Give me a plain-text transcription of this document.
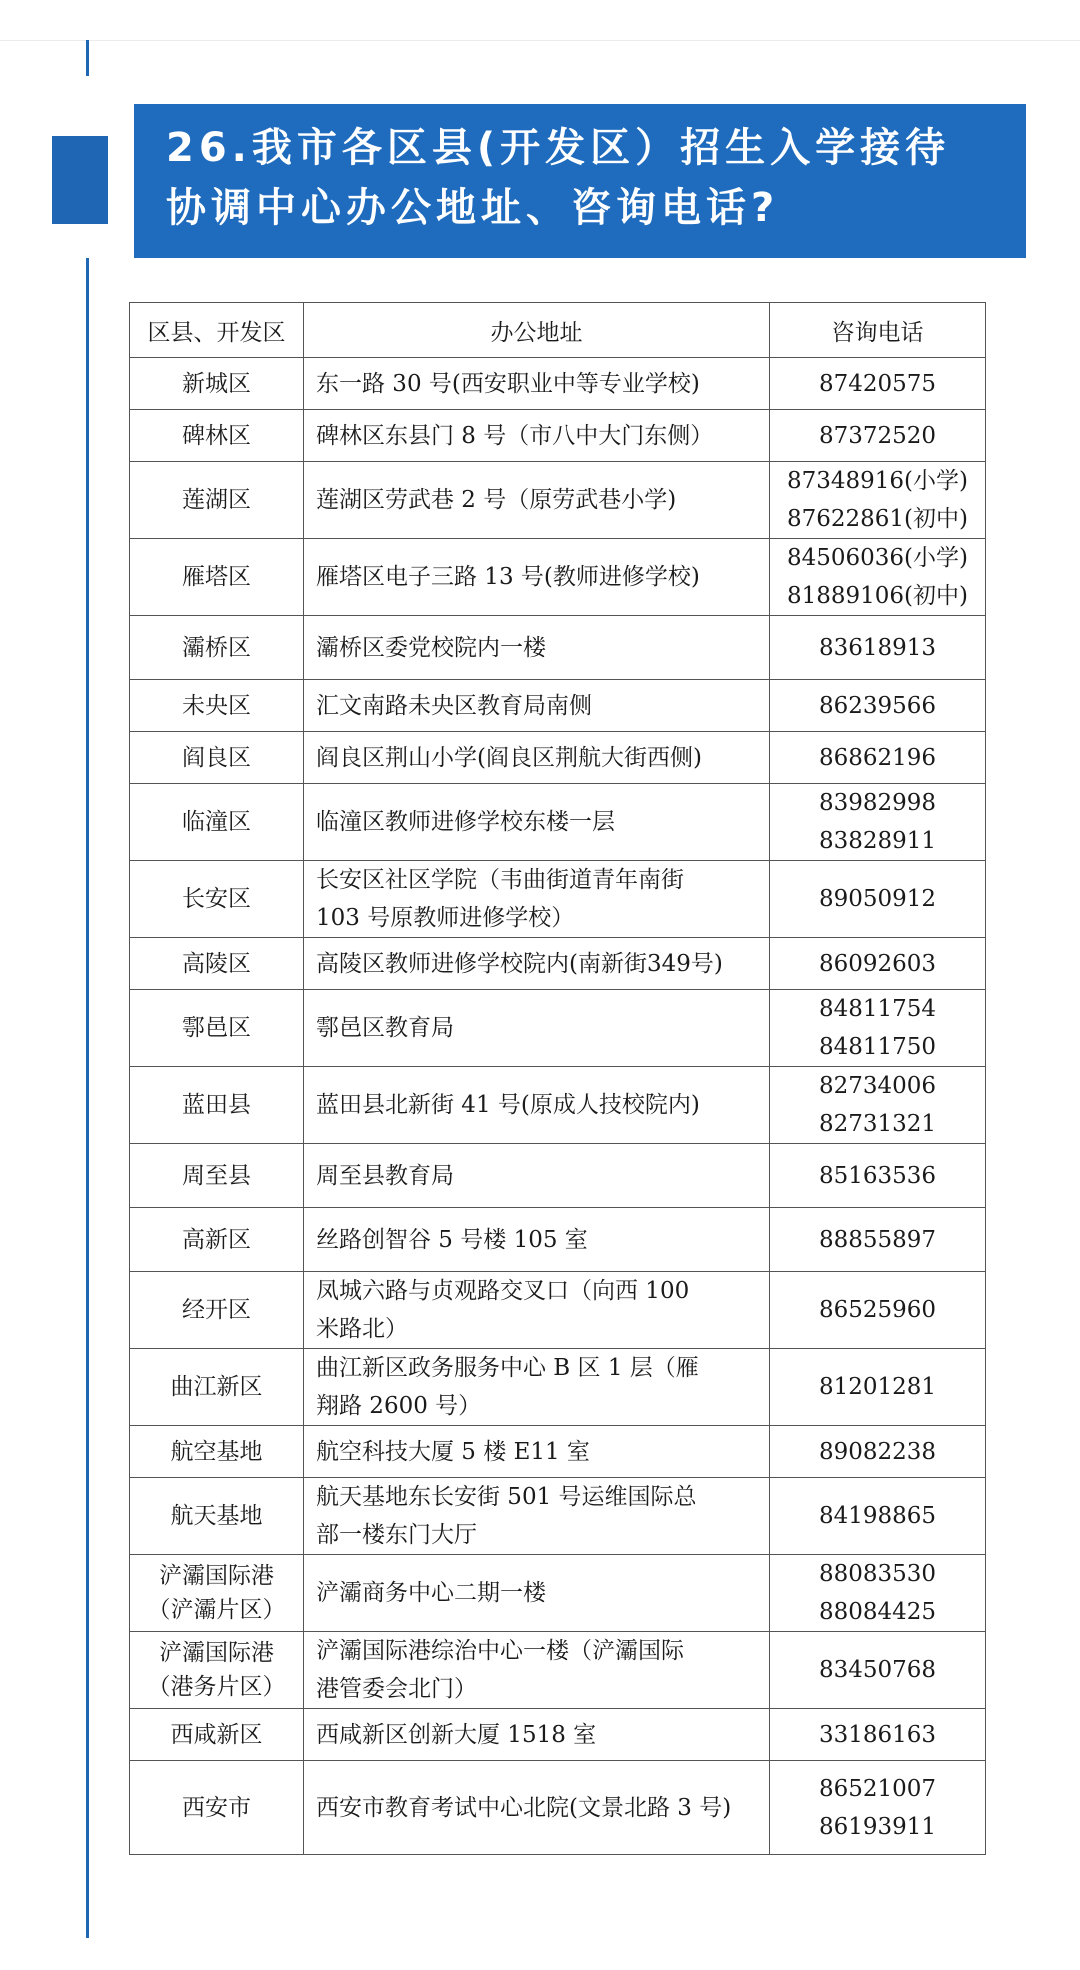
26.我市各区县(开发区）招生入学接待
协调中心办公地址、咨询电话?
区县、开发区	办公地址	咨询电话

新城区	东一路 30 号(西安职业中等专业学校)	87420575

碑林区	碑林区东县门 8 号（市八中大门东侧）	87372520

莲湖区	莲湖区劳武巷 2 号（原劳武巷小学)	87348916(小学)
87622861(初中)

雁塔区	雁塔区电子三路 13 号(教师进修学校)	84506036(小学)
81889106(初中)

灞桥区	灞桥区委党校院内一楼	83618913

未央区	汇文南路未央区教育局南侧	86239566

阎良区	阎良区荆山小学(阎良区荆航大街西侧)	86862196

临潼区	临潼区教师进修学校东楼一层	83982998
83828911

长安区	长安区社区学院（韦曲街道青年南街
103 号原教师进修学校）	89050912

高陵区	高陵区教师进修学校院内(南新街349号)	86092603

鄠邑区	鄠邑区教育局	84811754
84811750

蓝田县	蓝田县北新街 41 号(原成人技校院内)	82734006
82731321

周至县	周至县教育局	85163536

高新区	丝路创智谷 5 号楼 105 室	88855897

经开区	凤城六路与贞观路交叉口（向西 100
米路北）	86525960

曲江新区	曲江新区政务服务中心 B 区 1 层（雁
翔路 2600 号）	81201281

航空基地	航空科技大厦 5 楼 E11 室	89082238

航天基地	航天基地东长安街 501 号运维国际总
部一楼东门大厅	84198865

浐灞国际港
（浐灞片区）	浐灞商务中心二期一楼	88083530
88084425

浐灞国际港
（港务片区）	浐灞国际港综治中心一楼（浐灞国际
港管委会北门）	83450768

西咸新区	西咸新区创新大厦 1518 室	33186163

西安市	西安市教育考试中心北院(文景北路 3 号)	86521007
86193911
